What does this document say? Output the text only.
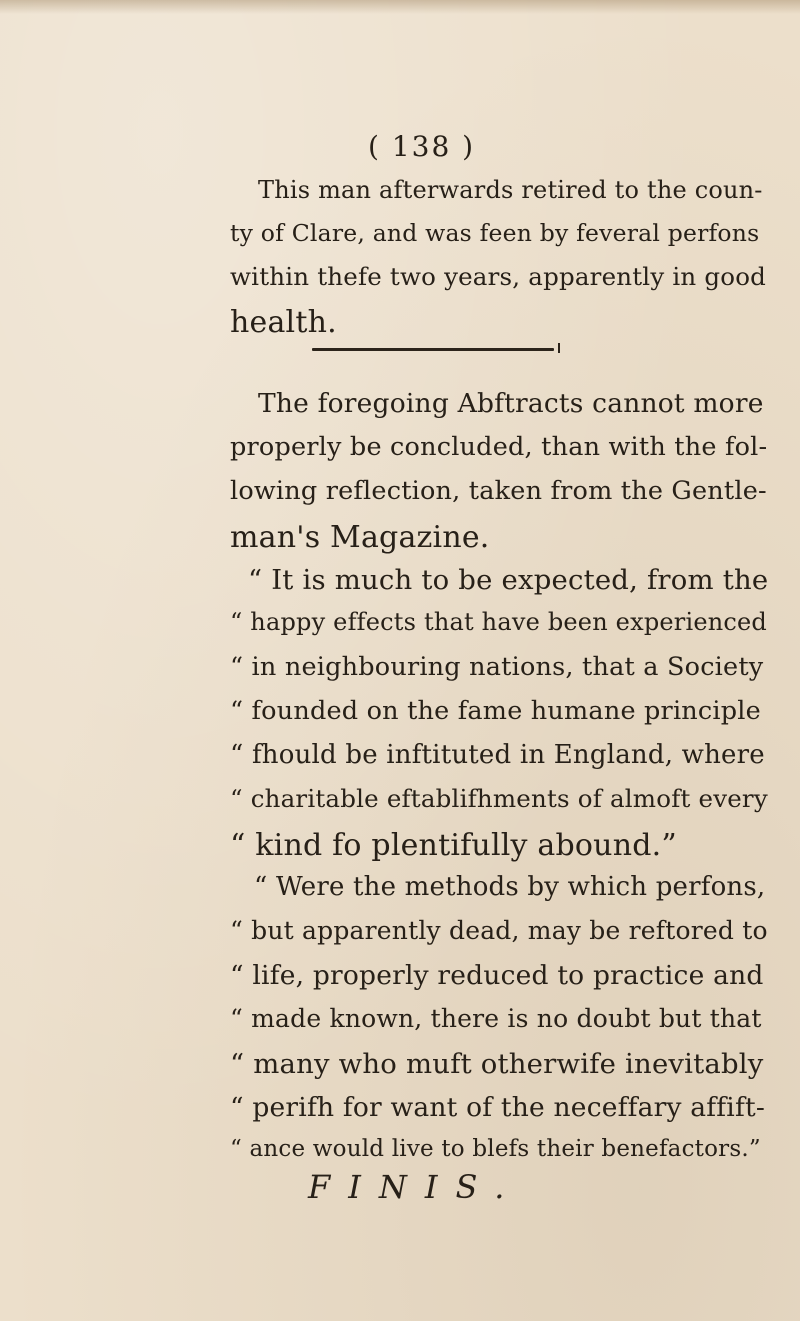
( 138 )
This man afterwards retired to the coun-
ty of Clare, and was feen by feveral perfons
within thefe two years, apparently in good
health.
The foregoing Abftracts cannot more
properly be concluded, than with the fol-
lowing reflection, taken from the Gentle-
man's Magazine.
“ It is much to be expected, from the
“ happy effects that have been experienced
“ in neighbouring nations, that a Society
“ founded on the fame humane principle
“ fhould be inftituted in England, where
“ charitable eftablifhments of almoft every
“ kind fo plentifully abound.”
“ Were the methods by which perfons,
“ but apparently dead, may be reftored to
“ life, properly reduced to practice and
“ made known, there is no doubt but that
“ many who muft otherwife inevitably
“ perifh for want of the neceffary affift-
“ ance would live to blefs their benefactors.”
FINIS.
